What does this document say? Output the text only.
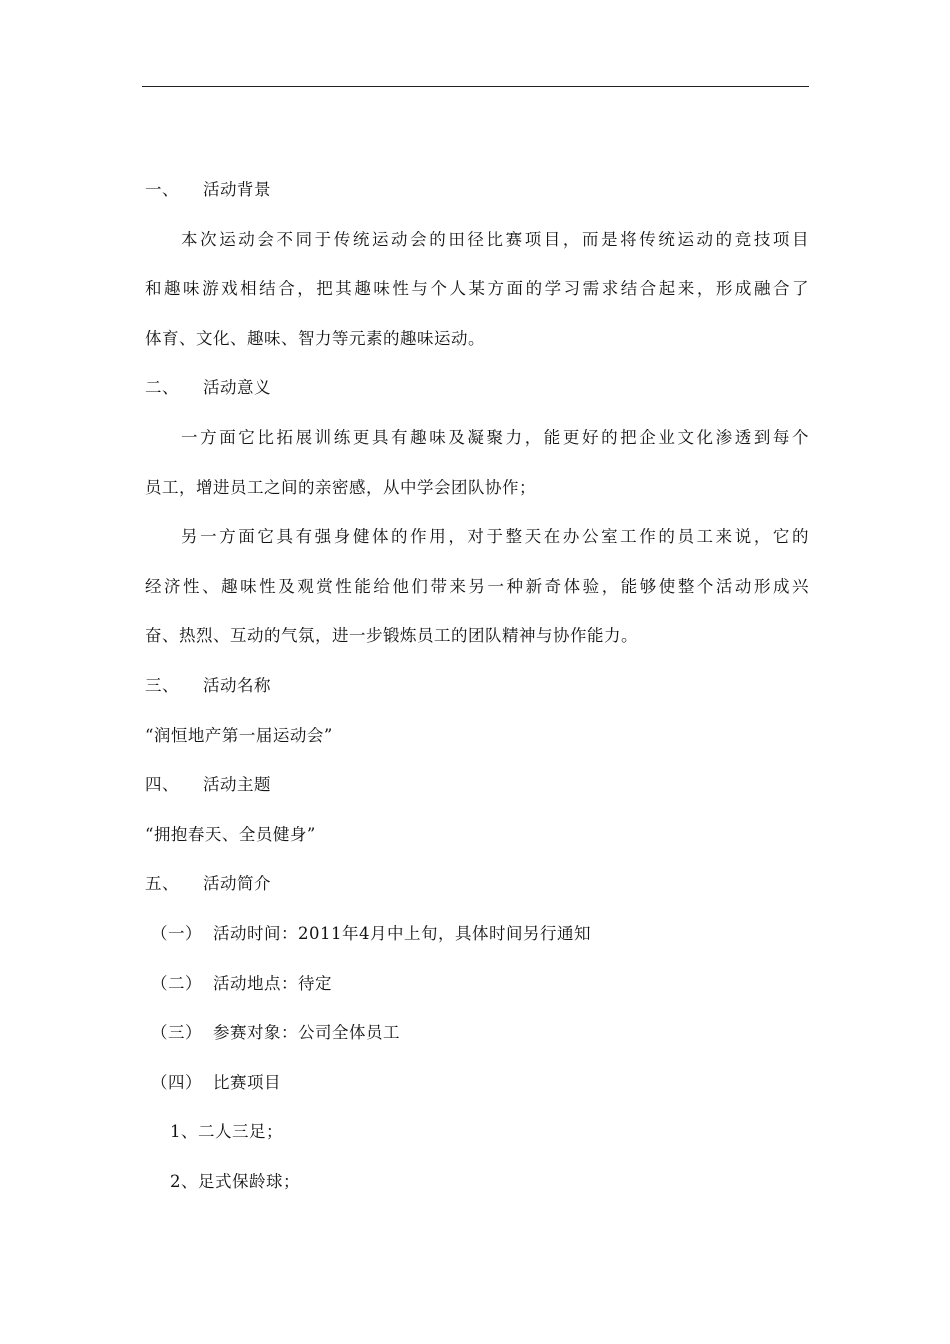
一、 活动背景
本次运动会不同于传统运动会的田径比赛项目，而是将传统运动的竞技项目
和趣味游戏相结合，把其趣味性与个人某方面的学习需求结合起来，形成融合了
体育、文化、趣味、智力等元素的趣味运动。
二、 活动意义
一方面它比拓展训练更具有趣味及凝聚力，能更好的把企业文化渗透到每个
员工，增进员工之间的亲密感，从中学会团队协作；
另一方面它具有强身健体的作用，对于整天在办公室工作的员工来说，它的
经济性、趣味性及观赏性能给他们带来另一种新奇体验，能够使整个活动形成兴
奋、热烈、互动的气氛，进一步锻炼员工的团队精神与协作能力。
三、 活动名称
“润恒地产第一届运动会”
四、 活动主题
“拥抱春天、全员健身”
五、 活动简介
（一） 活动时间：2011年4月中上旬，具体时间另行通知
（二） 活动地点：待定
（三） 参赛对象：公司全体员工
（四） 比赛项目
1、二人三足；
2、足式保龄球；
